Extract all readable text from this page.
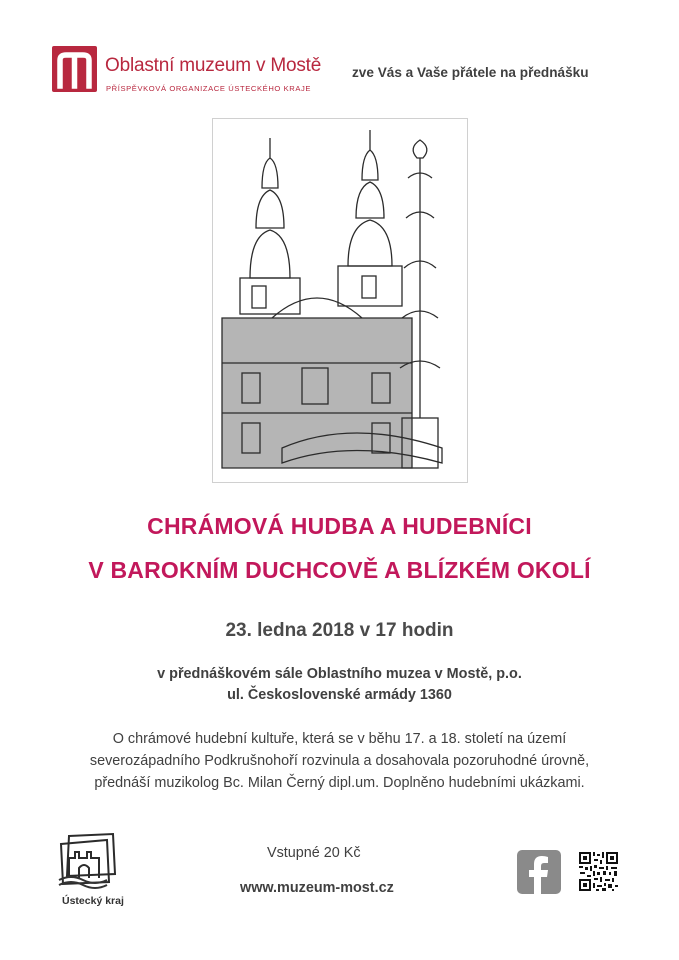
Oblastní muzeum v Mostě
PŘÍSPĚVKOVÁ ORGANIZACE ÚSTECKÉHO KRAJE
zve Vás a Vaše přátele na přednášku
CHRÁMOVÁ HUDBA A HUDEBNÍCI
V BAROKNÍM DUCHCOVĚ A BLÍZKÉM OKOLÍ
23. ledna 2018 v 17 hodin
v přednáškovém sále Oblastního muzea v Mostě, p.o.
ul. Československé armády 1360
O chrámové hudební kultuře, která se v běhu 17. a 18. století na území
severozápadního Podkrušnohoří rozvinula a dosahovala pozoruhodné úrovně,
přednáší muzikolog Bc. Milan Černý dipl.um. Doplněno hudebními ukázkami.
Ústecký kraj
Vstupné 20 Kč
www.muzeum-most.cz
